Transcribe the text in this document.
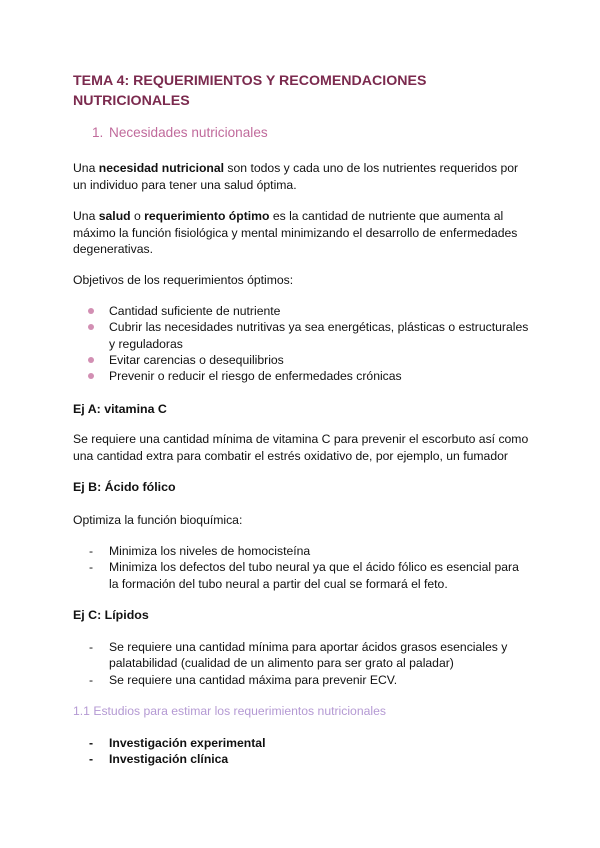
TEMA 4: REQUERIMIENTOS Y RECOMENDACIONES
NUTRICIONALES
1. Necesidades nutricionales

Una necesidad nutricional son todos y cada uno de los nutrientes requeridos por
un individuo para tener una salud óptima.

Una salud o requerimiento óptimo es la cantidad de nutriente que aumenta al
máximo la función fisiológica y mental minimizando el desarrollo de enfermedades
degenerativas.

Objetivos de los requerimientos óptimos:

Cantidad suficiente de nutriente
Cubrir las necesidades nutritivas ya sea energéticas, plásticas o estructurales
y reguladoras
Evitar carencias o desequilibrios
Prevenir o reducir el riesgo de enfermedades crónicas

Ej A: vitamina C

Se requiere una cantidad mínima de vitamina C para prevenir el escorbuto así como
una cantidad extra para combatir el estrés oxidativo de, por ejemplo, un fumador

Ej B: Ácido fólico

Optimiza la función bioquímica:

- Minimiza los niveles de homocisteína
- Minimiza los defectos del tubo neural ya que el ácido fólico es esencial para
la formación del tubo neural a partir del cual se formará el feto.

Ej C: Lípidos

- Se requiere una cantidad mínima para aportar ácidos grasos esenciales y
palatabilidad (cualidad de un alimento para ser grato al paladar)
- Se requiere una cantidad máxima para prevenir ECV.
1.1 Estudios para estimar los requerimientos nutricionales
- Investigación experimental
- Investigación clínica
